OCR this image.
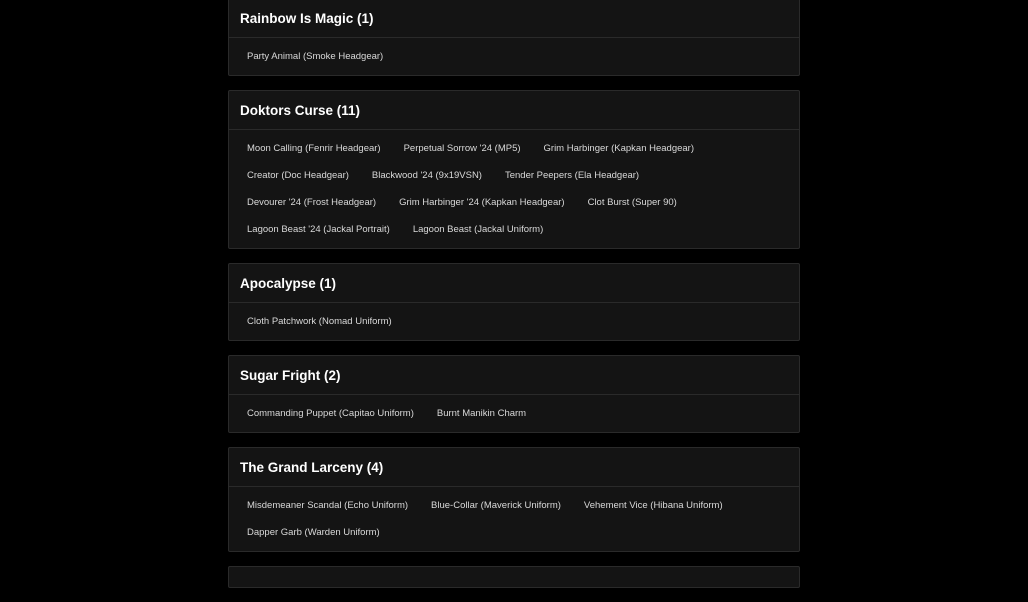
Rainbow Is Magic (1)
Party Animal (Smoke Headgear)
Doktors Curse (11)
Moon Calling (Fenrir Headgear)	Perpetual Sorrow '24 (MP5)	Grim Harbinger (Kapkan Headgear)
Creator (Doc Headgear)	Blackwood '24 (9x19VSN)	Tender Peepers (Ela Headgear)
Devourer '24 (Frost Headgear)	Grim Harbinger '24 (Kapkan Headgear)	Clot Burst (Super 90)
Lagoon Beast '24 (Jackal Portrait)	Lagoon Beast (Jackal Uniform)
Apocalypse (1)
Cloth Patchwork (Nomad Uniform)
Sugar Fright (2)
Commanding Puppet (Capitao Uniform)	Burnt Manikin Charm
The Grand Larceny (4)
Misdemeaner Scandal (Echo Uniform)	Blue-Collar (Maverick Uniform)	Vehement Vice (Hibana Uniform)
Dapper Garb (Warden Uniform)
